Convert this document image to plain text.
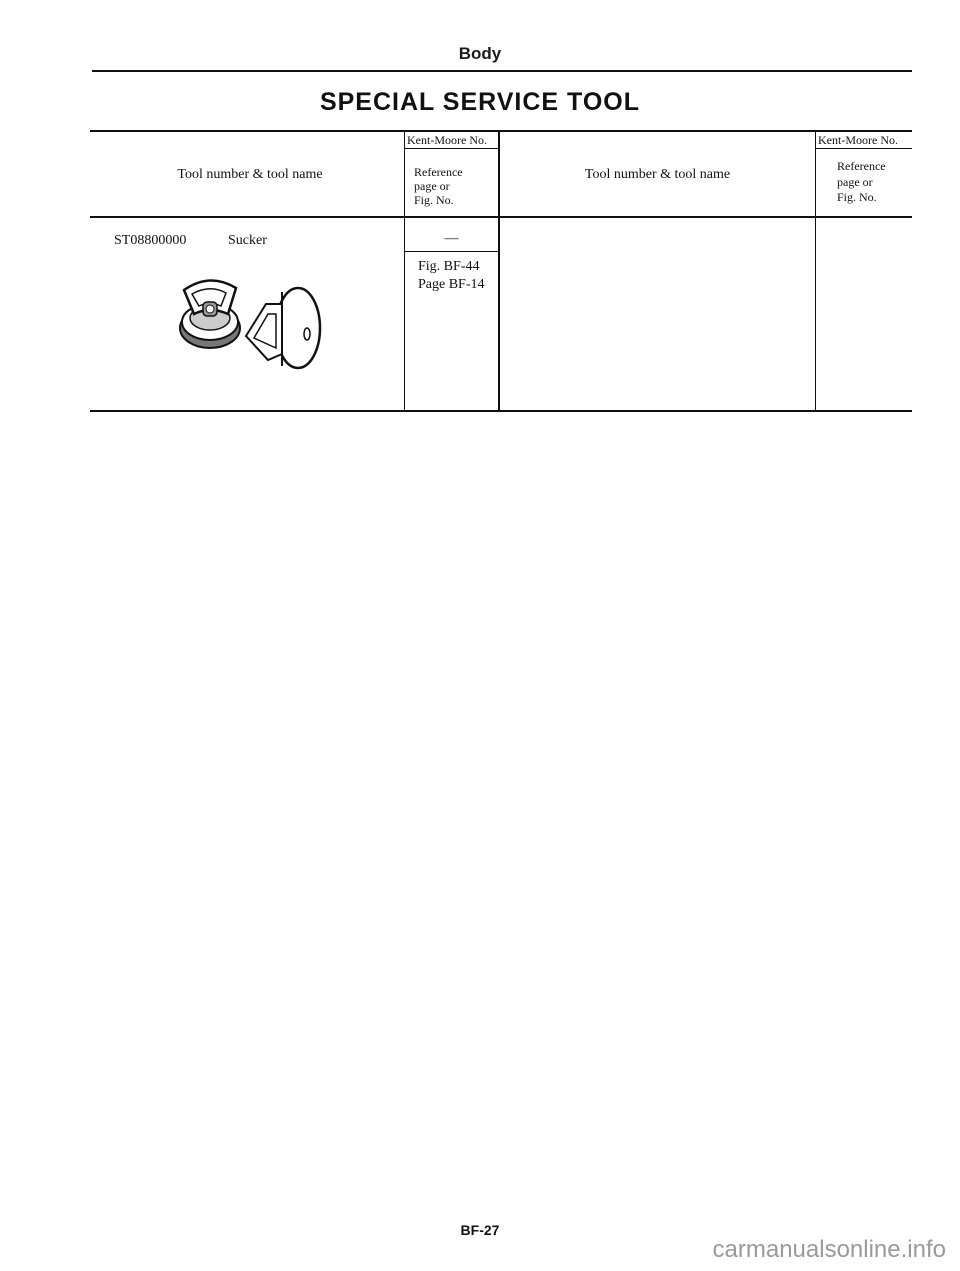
Body
SPECIAL SERVICE TOOL
Tool number & tool name
Kent-Moore No.
Reference
page or
Fig. No.
Tool number & tool name
Kent-Moore No.
Reference
page or
Fig. No.
ST08800000	Sucker	—
Fig. BF-44
Page BF-14
BF-27
carmanualsonline.info
